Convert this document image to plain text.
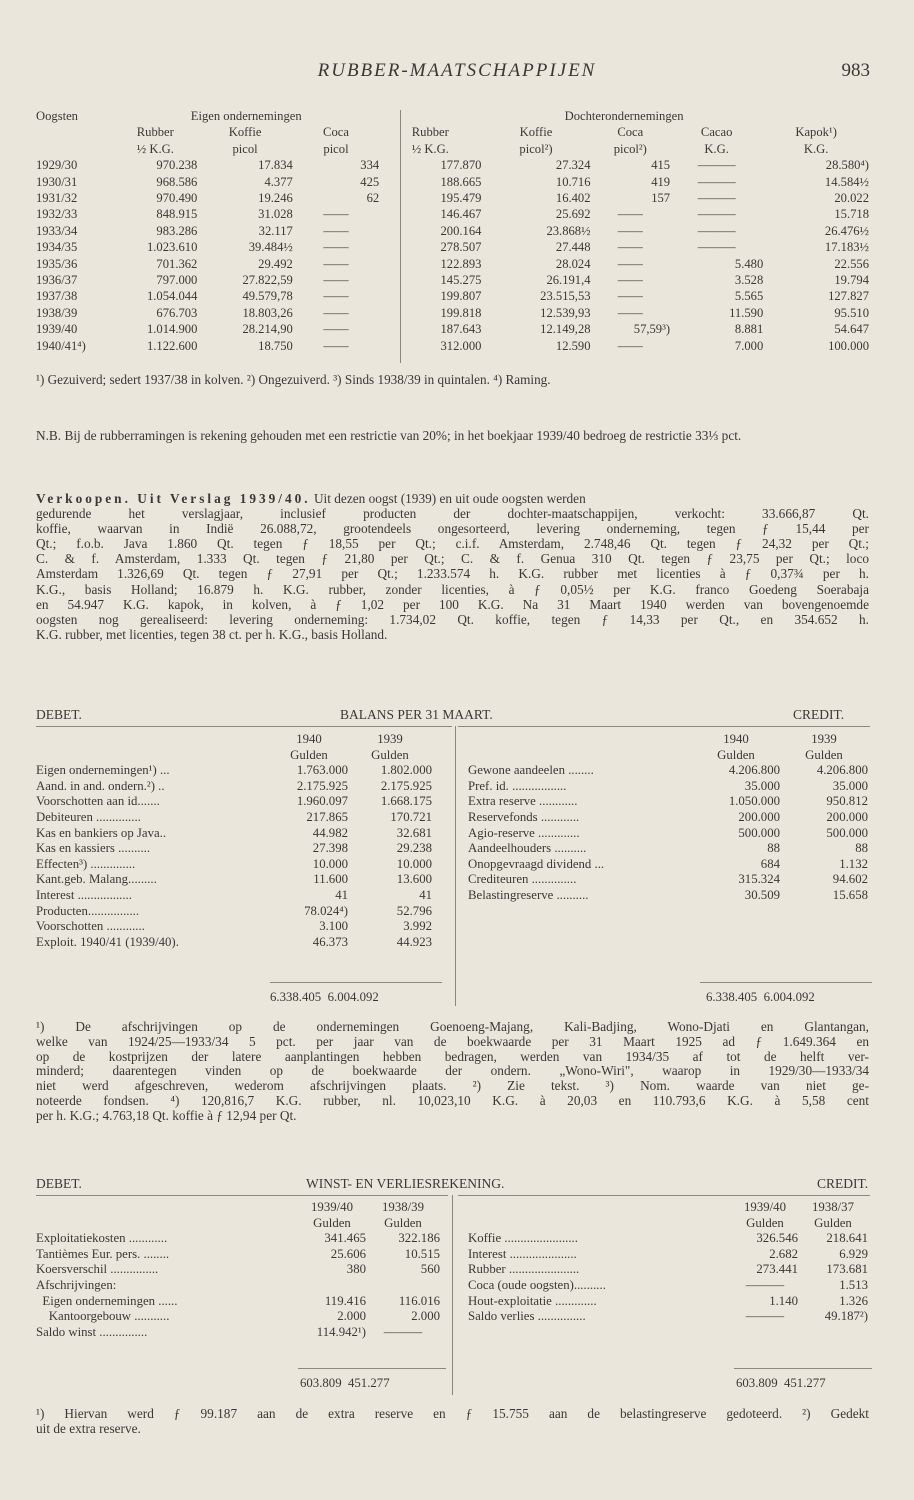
RUBBER-MAATSCHAPPIJEN	983
Oogsten	Eigen ondernemingen			Dochterondernemingen				
	Rubber	Koffie	Coca	Rubber	Koffie	Coca	Cacao	Kapok¹)
	½ K.G.	picol	picol	½ K.G.	picol²)	picol²)	K.G.	K.G.
1929/30	970.238	17.834	334	177.870	27.324	415	———	28.580⁴)
1930/31	968.586	4.377	425	188.665	10.716	419	———	14.584½
1931/32	970.490	19.246	62	195.479	16.402	157	———	20.022
1932/33	848.915	31.028	——	146.467	25.692	——	———	15.718
1933/34	983.286	32.117	——	200.164	23.868½	——	———	26.476½
1934/35	1.023.610	39.484½	——	278.507	27.448	——	———	17.183½
1935/36	701.362	29.492	——	122.893	28.024	——	5.480	22.556
1936/37	797.000	27.822,59	——	145.275	26.191,4	——	3.528	19.794
1937/38	1.054.044	49.579,78	——	199.807	23.515,53	——	5.565	127.827
1938/39	676.703	18.803,26	——	199.818	12.539,93	——	11.590	95.510
1939/40	1.014.900	28.214,90	——	187.643	12.149,28	57,59³)	8.881	54.647
1940/41⁴)	1.122.600	18.750	——	312.000	12.590	——	7.000	100.000
¹) Gezuiverd; sedert 1937/38 in kolven. ²) Ongezuiverd. ³) Sinds 1938/39 in quintalen. ⁴) Raming.
N.B. Bij de rubberramingen is rekening gehouden met een restrictie van 20%; in het boekjaar 1939/40 bedroeg de restrictie 33⅓ pct.
Verkoopen. Uit Verslag 1939/40. Uit dezen oogst (1939) en uit oude oogsten werden
gedurende het verslagjaar, inclusief producten der dochter-maatschappijen, verkocht: 33.666,87 Qt.
koffie, waarvan in Indië 26.088,72, grootendeels ongesorteerd, levering onderneming, tegen ƒ 15,44 per
Qt.; f.o.b. Java 1.860 Qt. tegen ƒ 18,55 per Qt.; c.i.f. Amsterdam, 2.748,46 Qt. tegen ƒ 24,32 per Qt.;
C. & f. Amsterdam, 1.333 Qt. tegen ƒ 21,80 per Qt.; C. & f. Genua 310 Qt. tegen ƒ 23,75 per Qt.; loco
Amsterdam 1.326,69 Qt. tegen ƒ 27,91 per Qt.; 1.233.574 h. K.G. rubber met licenties à ƒ 0,37¾ per h.
K.G., basis Holland; 16.879 h. K.G. rubber, zonder licenties, à ƒ 0,05½ per K.G. franco Goedeng Soerabaja
en 54.947 K.G. kapok, in kolven, à ƒ 1,02 per 100 K.G. Na 31 Maart 1940 werden van bovengenoemde
oogsten nog gerealiseerd: levering onderneming: 1.734,02 Qt. koffie, tegen ƒ 14,33 per Qt., en 354.652 h.
K.G. rubber, met licenties, tegen 38 ct. per h. K.G., basis Holland.
DEBET.	BALANS PER 31 MAART.	CREDIT.
	1940	1939
	Gulden	Gulden
Eigen ondernemingen¹) ...	1.763.000	1.802.000
Aand. in and. ondern.²) ..	2.175.925	2.175.925
Voorschotten aan id.......	1.960.097	1.668.175
Debiteuren ..............	217.865	170.721
Kas en bankiers op Java..	44.982	32.681
Kas en kassiers ..........	27.398	29.238
Effecten³) ..............	10.000	10.000
Kant.geb. Malang.........	11.600	13.600
Interest .................	41	41
Producten................	78.024⁴)	52.796
Voorschotten ............	3.100	3.992
Exploit. 1940/41 (1939/40).	46.373	44.923
	1940	1939
	Gulden	Gulden
Gewone aandeelen ........	4.206.800	4.206.800
Pref. id. .................	35.000	35.000
Extra reserve ............	1.050.000	950.812
Reservefonds ............	200.000	200.000
Agio-reserve .............	500.000	500.000
Aandeelhouders ..........	88	88
Onopgevraagd dividend ...	684	1.132
Crediteuren ..............	315.324	94.602
Belastingreserve ..........	30.509	15.658
6.338.405 6.004.092	6.338.405 6.004.092
¹) De afschrijvingen op de ondernemingen Goenoeng-Majang, Kali-Badjing, Wono-Djati en Glantangan,
welke van 1924/25—1933/34 5 pct. per jaar van de boekwaarde per 31 Maart 1925 ad ƒ 1.649.364 en
op de kostprijzen der latere aanplantingen hebben bedragen, werden van 1934/35 af tot de helft ver-
minderd; daarentegen vinden op de boekwaarde der ondern. „Wono-Wiri", waarop in 1929/30—1933/34
niet werd afgeschreven, wederom afschrijvingen plaats. ²) Zie tekst. ³) Nom. waarde van niet ge-
noteerde fondsen. ⁴) 120,816,7 K.G. rubber, nl. 10,023,10 K.G. à 20,03 en 110.793,6 K.G. à 5,58 cent
per h. K.G.; 4.763,18 Qt. koffie à ƒ 12,94 per Qt.
DEBET.	WINST- EN VERLIESREKENING.	CREDIT.
	1939/40	1938/39
	Gulden	Gulden
Exploitatiekosten ............	341.465	322.186
Tantièmes Eur. pers. ........	25.606	10.515
Koersverschil ...............	380	560
Afschrijvingen:		
Eigen ondernemingen ......	119.416	116.016
Kantoorgebouw ...........	2.000	2.000
Saldo winst ...............	114.942¹)	———
	1939/40	1938/37
	Gulden	Gulden
Koffie .......................	326.546	218.641
Interest .....................	2.682	6.929
Rubber ......................	273.441	173.681
Coca (oude oogsten)..........	———	1.513
Hout-exploitatie .............	1.140	1.326
Saldo verlies ...............	———	49.187²)
603.809 451.277	603.809 451.277
¹) Hiervan werd ƒ 99.187 aan de extra reserve en ƒ 15.755 aan de belastingreserve gedoteerd. ²) Gedekt
uit de extra reserve.
